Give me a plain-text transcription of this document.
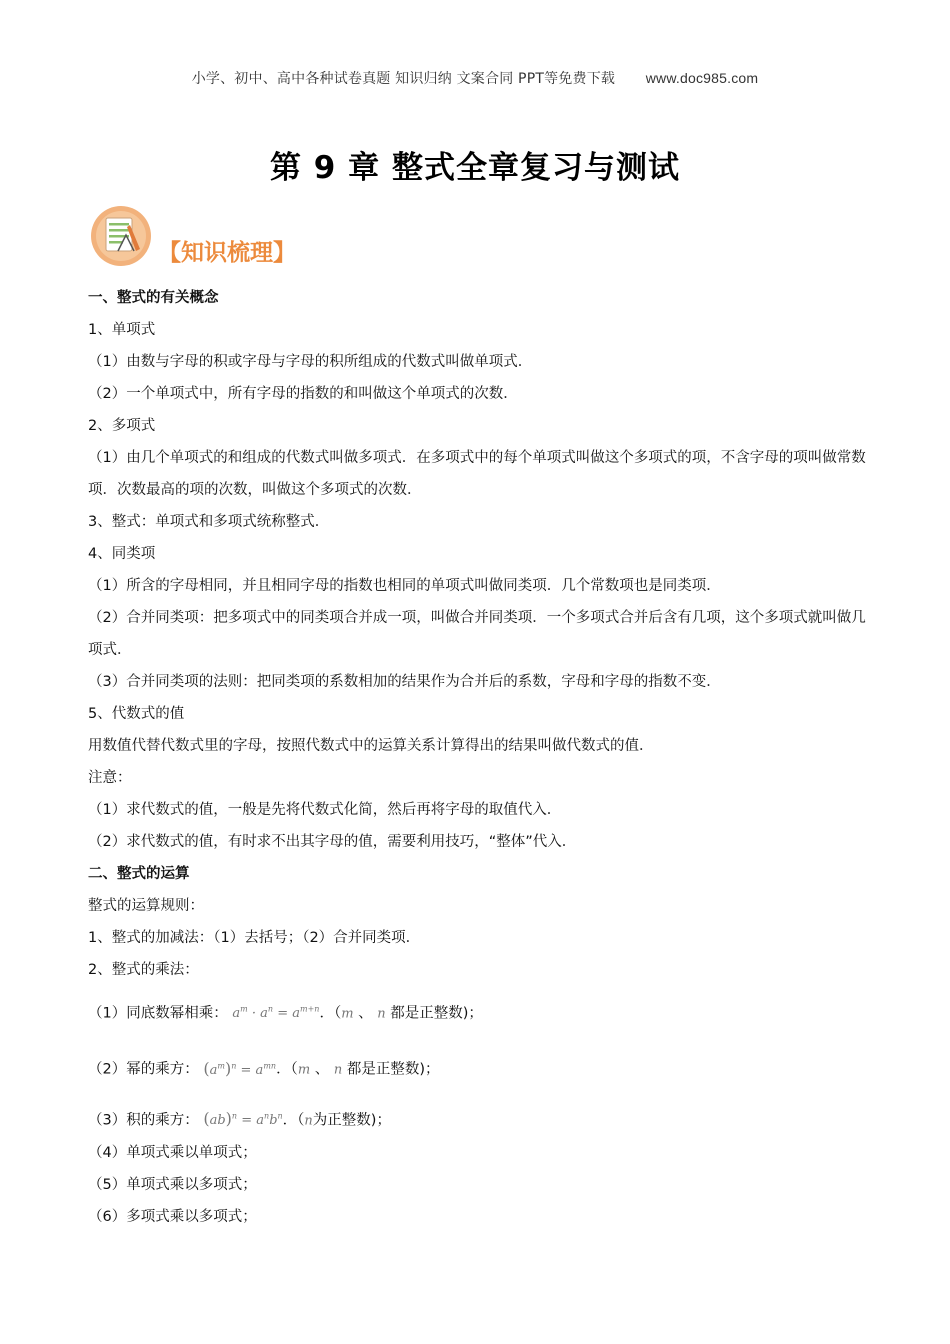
小学、初中、高中各种试卷真题 知识归纳 文案合同 PPT等免费下载 www.doc985.com
第 9 章 整式全章复习与测试
【知识梳理】
一、整式的有关概念
1、单项式
（1）由数与字母的积或字母与字母的积所组成的代数式叫做单项式．
（2）一个单项式中，所有字母的指数的和叫做这个单项式的次数．
2、多项式
（1）由几个单项式的和组成的代数式叫做多项式．在多项式中的每个单项式叫做这个多项式的项，不含字母的项叫做常数项．次数最高的项的次数，叫做这个多项式的次数．
3、整式：单项式和多项式统称整式．
4、同类项
（1）所含的字母相同，并且相同字母的指数也相同的单项式叫做同类项．几个常数项也是同类项．
（2）合并同类项：把多项式中的同类项合并成一项，叫做合并同类项．一个多项式合并后含有几项，这个多项式就叫做几项式．
（3）合并同类项的法则：把同类项的系数相加的结果作为合并后的系数，字母和字母的指数不变．
5、代数式的值
用数值代替代数式里的字母，按照代数式中的运算关系计算得出的结果叫做代数式的值．
注意：
（1）求代数式的值，一般是先将代数式化简，然后再将字母的取值代入．
（2）求代数式的值，有时求不出其字母的值，需要利用技巧，“整体”代入．
二、整式的运算
整式的运算规则：
1、整式的加减法：（1）去括号；（2）合并同类项．
2、整式的乘法：
（1）同底数幂相乘： $a^m \cdot a^n = a^{m+n}$．（m 、 n 都是正整数)；
（2）幂的乘方： $(a^m)^n = a^{mn}$．（m 、 n 都是正整数)；
（3）积的乘方： $(ab)^n = a^nb^n$．（n为正整数)；
（4）单项式乘以单项式；
（5）单项式乘以多项式；
（6）多项式乘以多项式；
